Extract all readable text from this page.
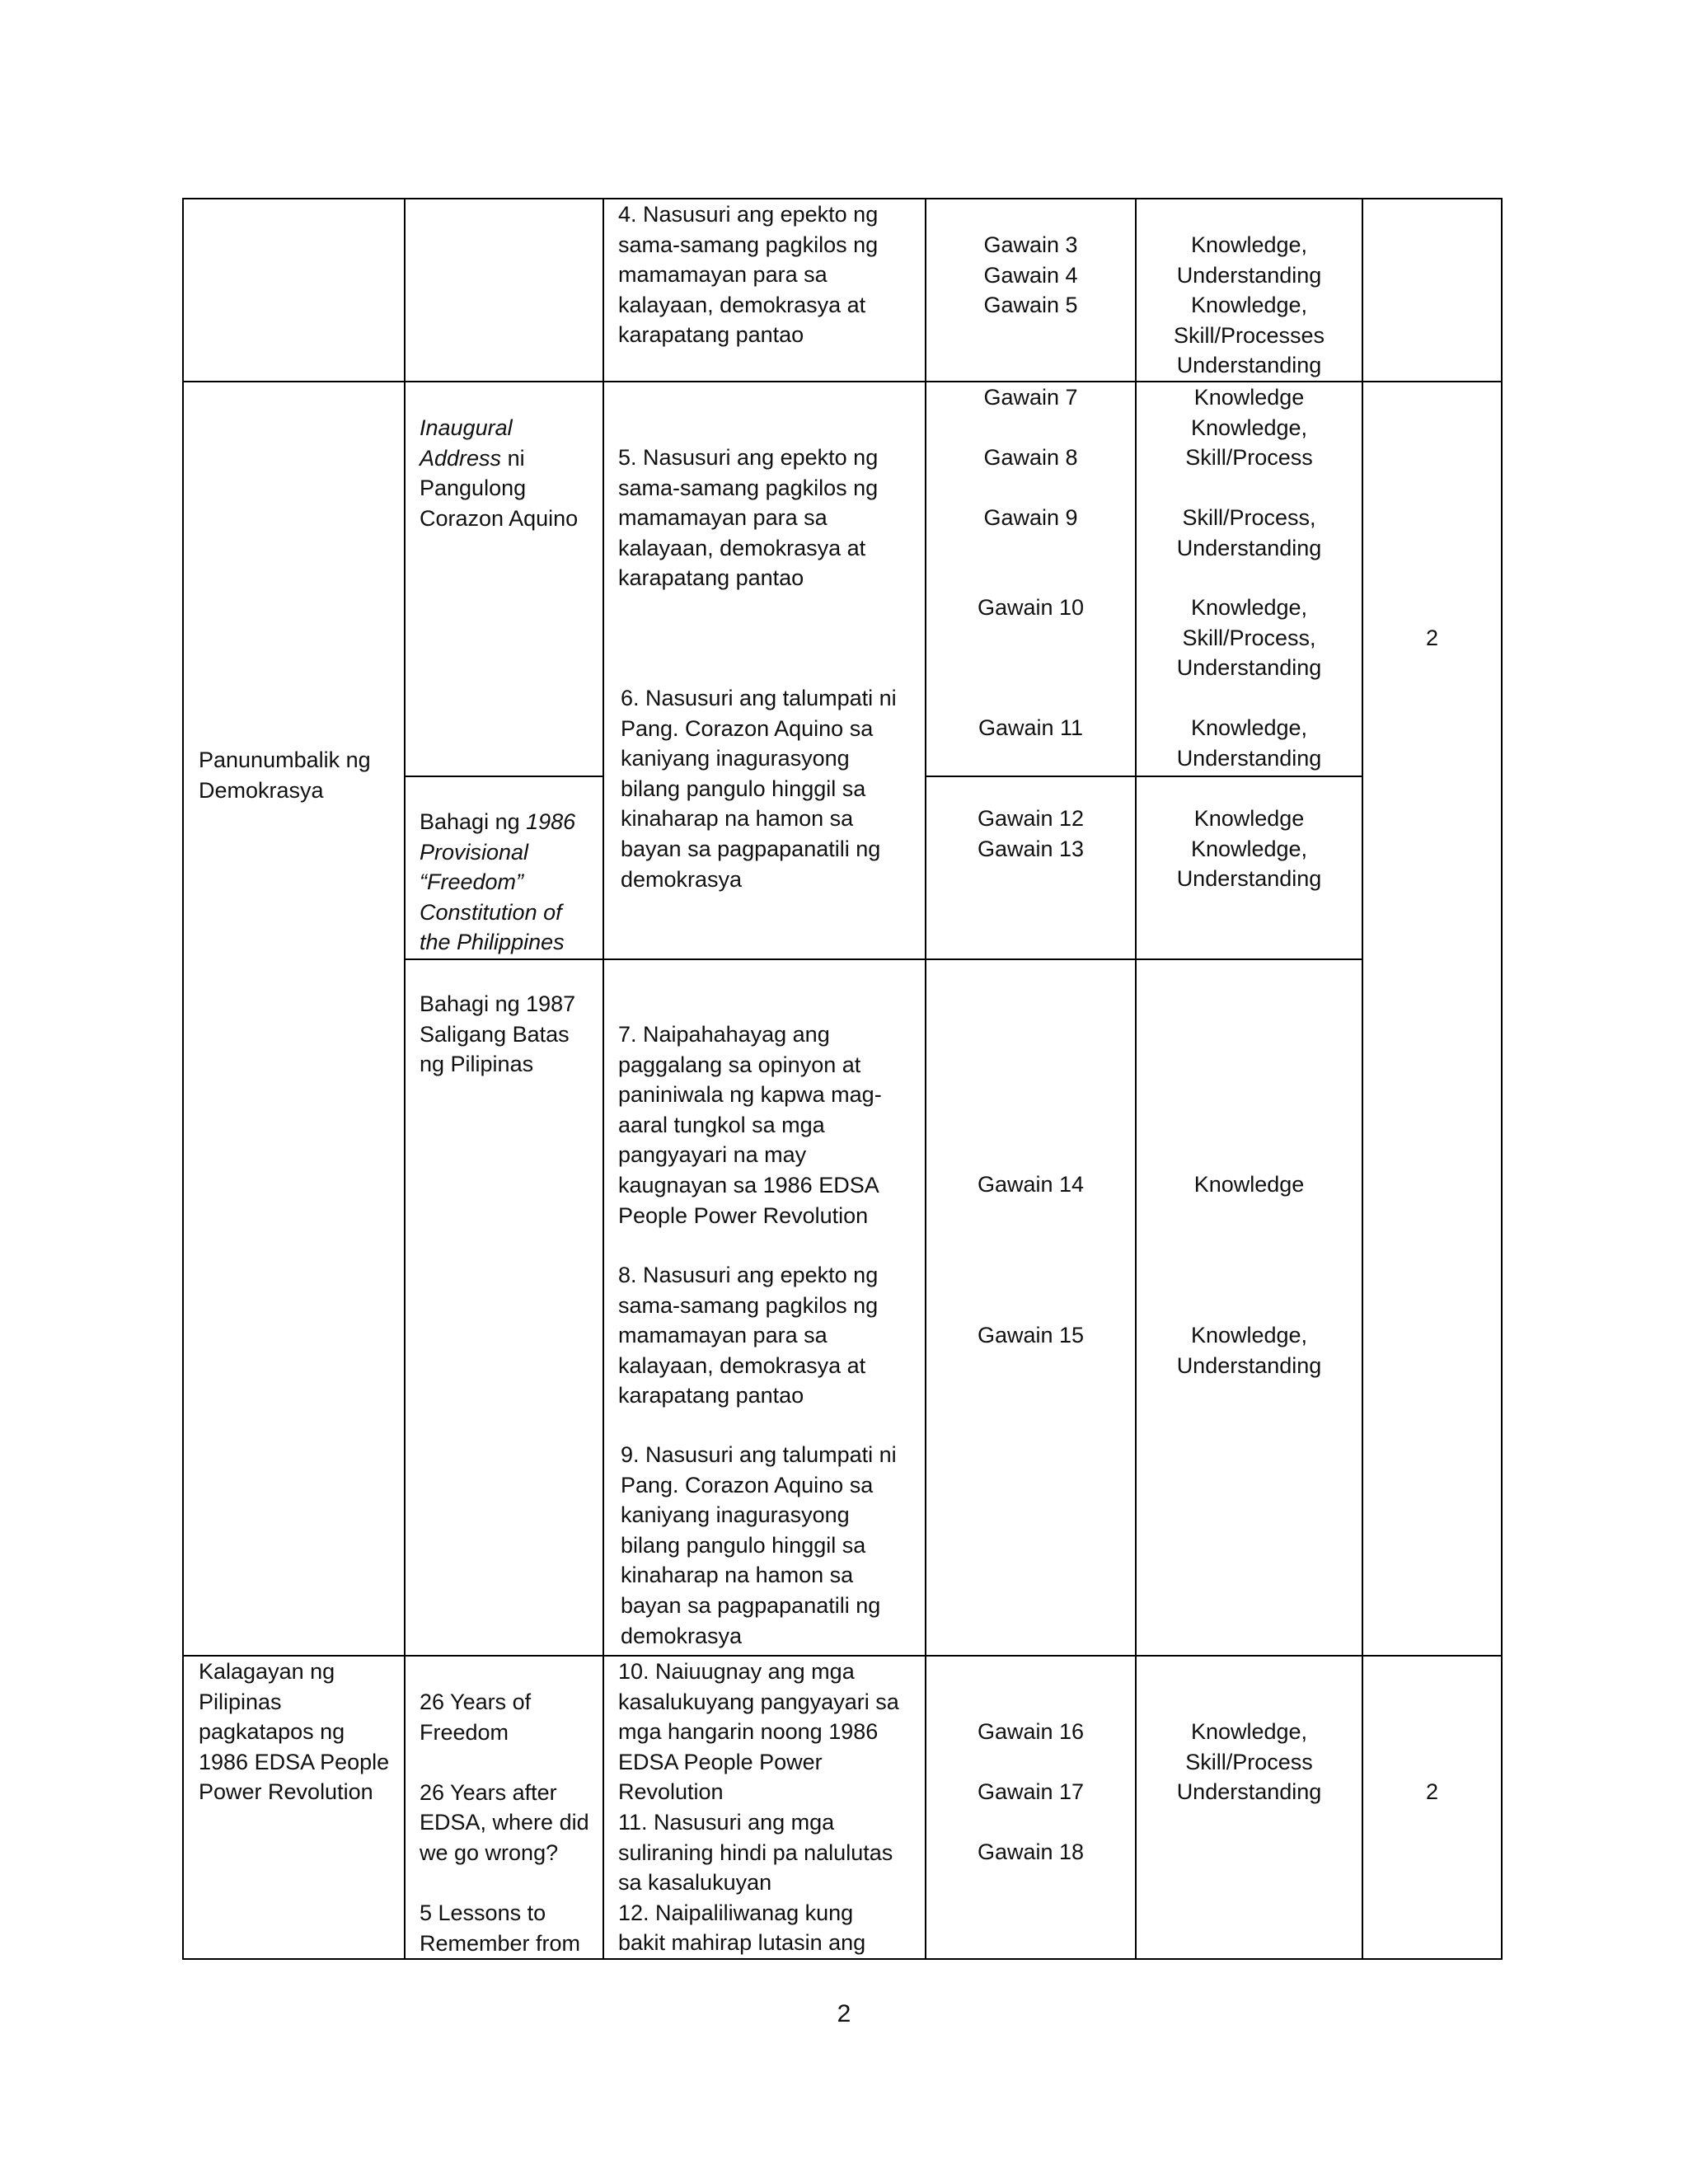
4. Nasusuri ang epekto ng
sama-samang pagkilos ng
mamamayan para sa
kalayaan, demokrasya at
karapatang pantao
Gawain 3
Gawain 4
Gawain 5
Knowledge,
Understanding
Knowledge,
Skill/Processes
Understanding
Panunumbalik ng
Demokrasya
Inaugural
Address ni
Pangulong
Corazon Aquino
Bahagi ng 1986
Provisional
“Freedom”
Constitution of
the Philippines
Bahagi ng 1987
Saligang Batas
ng Pilipinas
5. Nasusuri ang epekto ng
sama-samang pagkilos ng
mamamayan para sa
kalayaan, demokrasya at
karapatang pantao
6. Nasusuri ang talumpati ni
Pang. Corazon Aquino sa
kaniyang inagurasyong
bilang pangulo hinggil sa
kinaharap na hamon sa
bayan sa pagpapanatili ng
demokrasya
7. Naipahahayag ang
paggalang sa opinyon at
paniniwala ng kapwa mag-
aaral tungkol sa mga
pangyayari na may
kaugnayan sa 1986 EDSA
People Power Revolution
8. Nasusuri ang epekto ng
sama-samang pagkilos ng
mamamayan para sa
kalayaan, demokrasya at
karapatang pantao
9. Nasusuri ang talumpati ni
Pang. Corazon Aquino sa
kaniyang inagurasyong
bilang pangulo hinggil sa
kinaharap na hamon sa
bayan sa pagpapanatili ng
demokrasya
Gawain 7
Gawain 8
Gawain 9
Gawain 10
Gawain 11
Gawain 12
Gawain 13
Gawain 14
Gawain 15
Knowledge
Knowledge,
Skill/Process
Skill/Process,
Understanding
Knowledge,
Skill/Process,
Understanding
Knowledge,
Understanding
Knowledge
Knowledge,
Understanding
Knowledge
Knowledge,
Understanding
2
Kalagayan ng
Pilipinas
pagkatapos ng
1986 EDSA People
Power Revolution
26 Years of
Freedom

26 Years after
EDSA, where did
we go wrong?

5 Lessons to
Remember from
10. Naiuugnay ang mga
kasalukuyang pangyayari sa
mga hangarin noong 1986
EDSA People Power
Revolution
11. Nasusuri ang mga
suliraning hindi pa nalulutas
sa kasalukuyan
12. Naipaliliwanag kung
bakit mahirap lutasin ang
Gawain 16

Gawain 17

Gawain 18
Knowledge,
Skill/Process
Understanding	2
2
